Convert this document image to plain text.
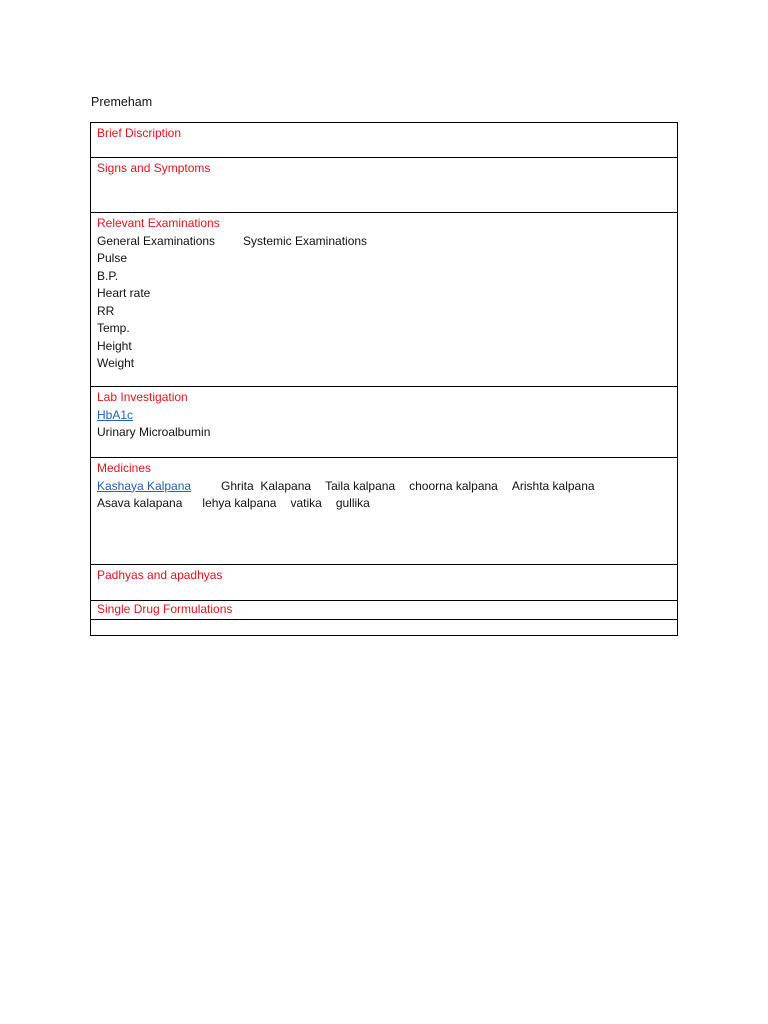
Premeham
Brief Discription

Signs and Symptoms

Relevant Examinations
General Examinations Systemic Examinations
Pulse
B.P.
Heart rate
RR
Temp.
Height
Weight

Lab Investigation
HbA1c
Urinary Microalbumin

Medicines
Kashaya Kalpana Ghrita  Kalapana Taila kalpana choorna kalpana Arishta kalpana
Asava kalapana lehya kalpana vatika gullika

Padhyas and apadhyas

Single Drug Formulations
